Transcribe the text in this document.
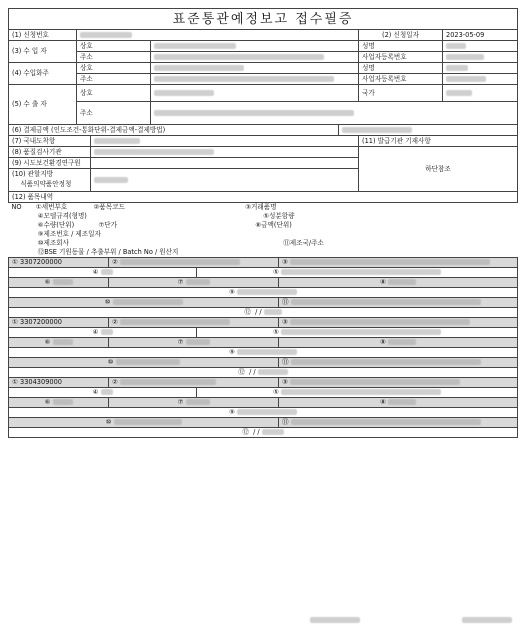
표준통관예정보고 접수필증						
(1) 신청번호					(2) 신청일자	2023-05-09
(3) 수 입 자	상호				성명	
	주소				사업자등록번호	
(4) 수입화주	상호				성명	
	주소				사업자등록번호	
(5) 수 출 자	상호				국가	
	주소					
(6) 결제금액 (인도조건-통화단위-결제금액-결제방법)						
(7) 국내도착항					(11) 발급기관 기재사항	
(8) 품질검사기관					하단참조	
(9) 시도보건환경연구원						
(10) 관할지방
식품의약품안정청						
(12) 품목내역						
NO ①세번부호 ②품목코드 ③거래품명			
④모델규격(형명) ⑤성분함량			
⑥수량(단위) ⑦단가 ⑧금액(단위)			
⑨제조번호 / 제조일자			
⑩제조회사 ⑪제조국/주소			
⑫BSE 기원동물 / 추출부위 / Batch No / 원산지			
① 3307200000	②		③
④		⑤	
⑥	⑦		⑧
⑨			
⑩			⑪
⑫ / /			
① 3307200000	②		③
④		⑤	
⑥	⑦		⑧
⑨			
⑩			⑪
⑫ / /			
① 3304309000	②		③
④		⑤	
⑥	⑦		⑧
⑨			
⑩			⑪
⑫ / /			
